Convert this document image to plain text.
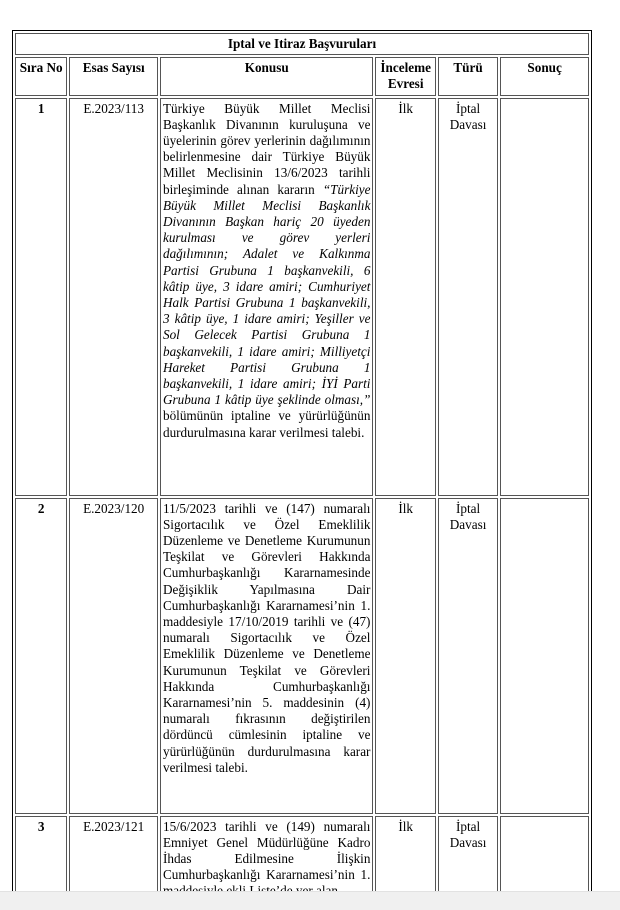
Iptal ve Itiraz Başvuruları					
Sıra No	Esas Sayısı	Konusu	İnceleme Evresi	Türü	Sonuç
1	E.2023/113	Türkiye Büyük Millet Meclisi Başkanlık Divanının kuruluşuna ve üyelerinin görev yerlerinin dağılımının belirlenmesine dair Türkiye Büyük Millet Meclisinin 13/6/2023 tarihli birleşiminde alınan kararın “Türkiye Büyük Millet Meclisi Başkanlık Divanının Başkan hariç 20 üyeden kurulması ve görev yerleri dağılımının; Adalet ve Kalkınma Partisi Grubuna 1 başkanvekili, 6 kâtip üye, 3 idare amiri; Cumhuriyet Halk Partisi Grubuna 1 başkanvekili, 3 kâtip üye, 1 idare amiri; Yeşiller ve Sol Gelecek Partisi Grubuna 1 başkanvekili, 1 idare amiri; Milliyetçi Hareket Partisi Grubuna 1 başkanvekili, 1 idare amiri; İYİ Parti Grubuna 1 kâtip üye şeklinde olması,” bölümünün iptaline ve yürürlüğünün durdurulmasına karar verilmesi talebi.	İlk	İptal Davası	
2	E.2023/120	11/5/2023 tarihli ve (147) numaralı Sigortacılık ve Özel Emeklilik Düzenleme ve Denetleme Kurumunun Teşkilat ve Görevleri Hakkında Cumhurbaşkanlığı Kararnamesinde Değişiklik Yapılmasına Dair Cumhurbaşkanlığı Kararnamesi’nin 1. maddesiyle 17/10/2019 tarihli ve (47) numaralı Sigortacılık ve Özel Emeklilik Düzenleme ve Denetleme Kurumunun Teşkilat ve Görevleri Hakkında Cumhurbaşkanlığı Kararnamesi’nin 5. maddesinin (4) numaralı fıkrasının değiştirilen dördüncü cümlesinin iptaline ve yürürlüğünün durdurulmasına karar verilmesi talebi.	İlk	İptal Davası	
3	E.2023/121	15/6/2023 tarihli ve (149) numaralı Emniyet Genel Müdürlüğüne Kadro İhdas Edilmesine İlişkin Cumhurbaşkanlığı Kararnamesi’nin 1.	İlk	İptal Davası	
